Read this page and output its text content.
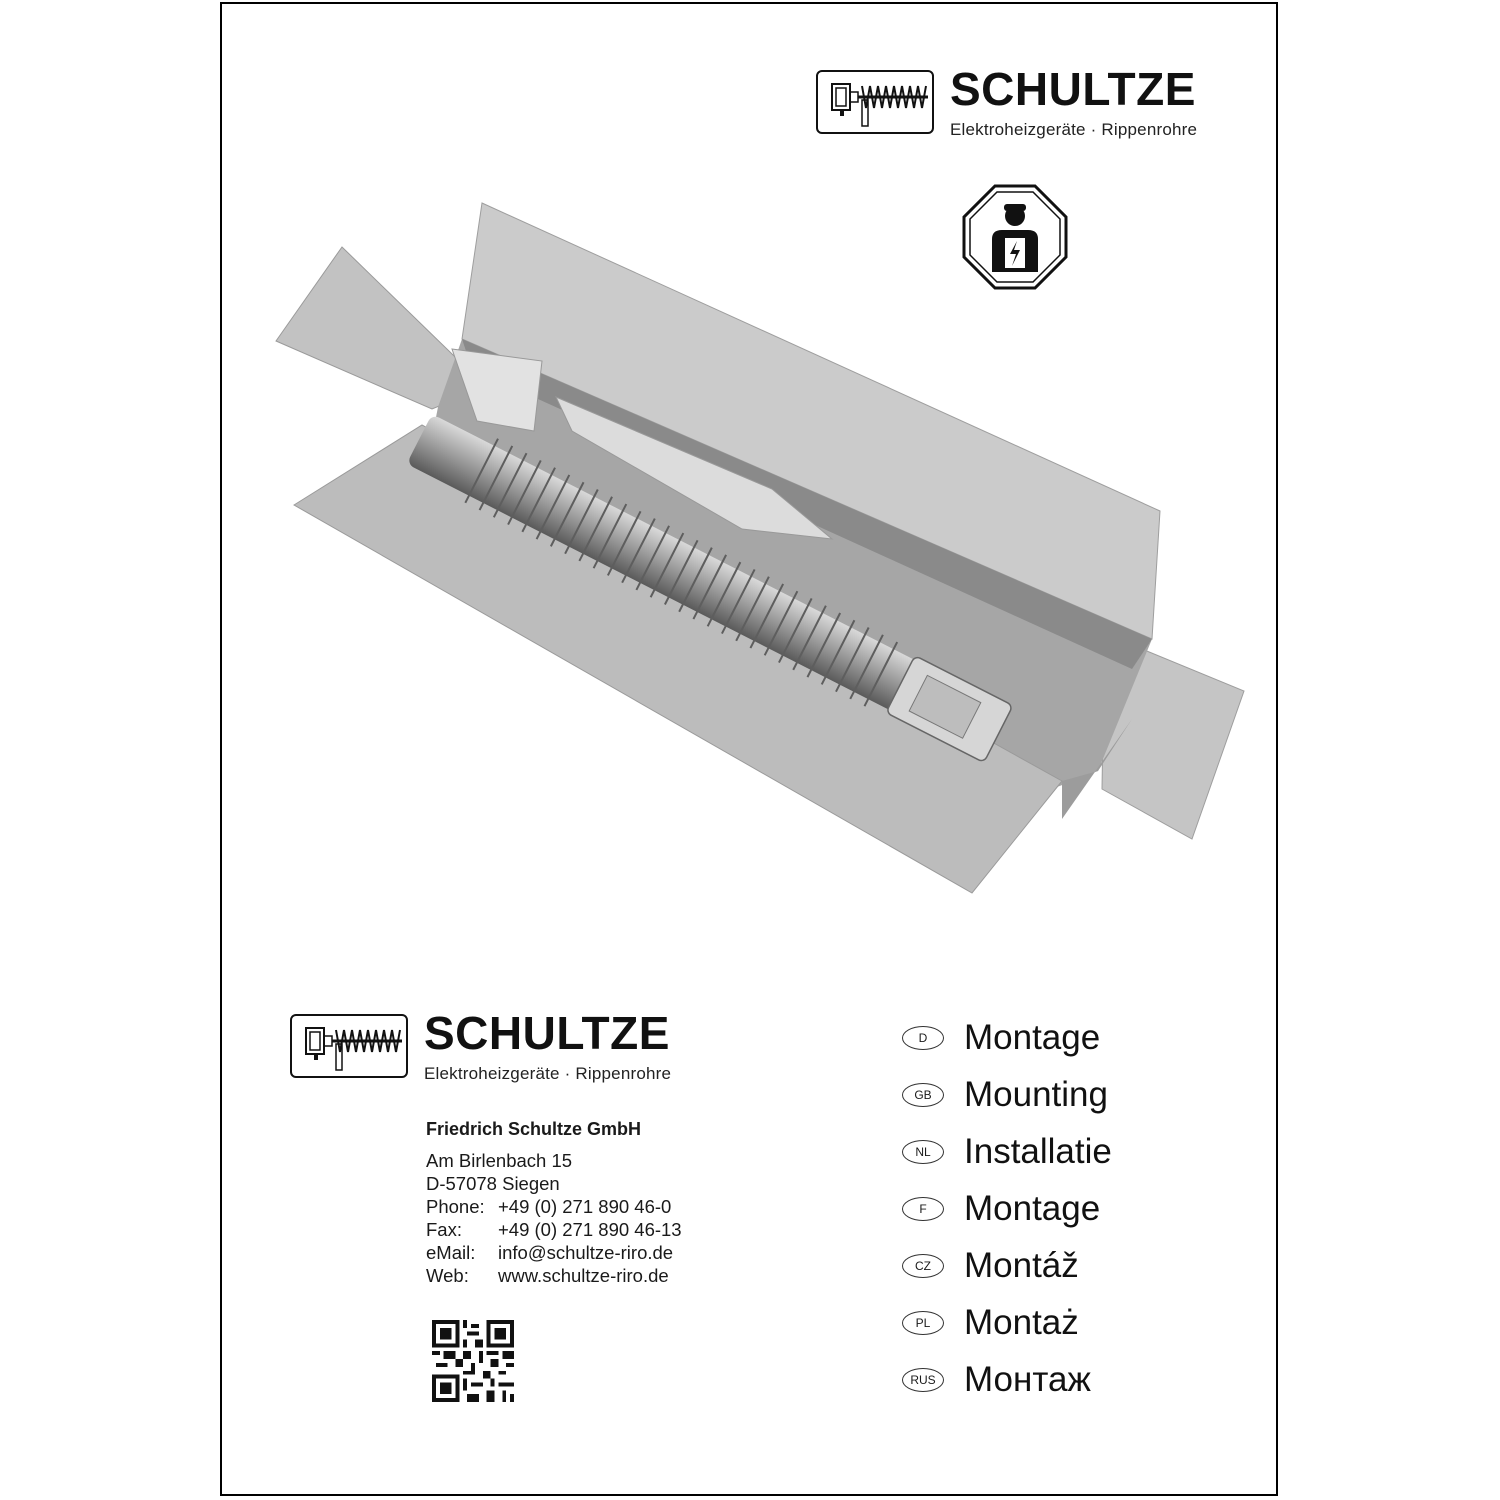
SCHULTZE
Elektroheizgeräte · Rippenrohre
SCHULTZE
Elektroheizgeräte · Rippenrohre
Friedrich Schultze GmbH
Am Birlenbach 15
D-57078 Siegen
Phone: +49 (0) 271 890 46-0
Fax:	+49 (0) 271 890 46-13
eMail:	info@schultze-riro.de
Web:	www.schultze-riro.de
D	Montage
GB Mounting
NL Installatie
F	Montage
CZ Montáž
PL Montaż
RUS Монтаж
